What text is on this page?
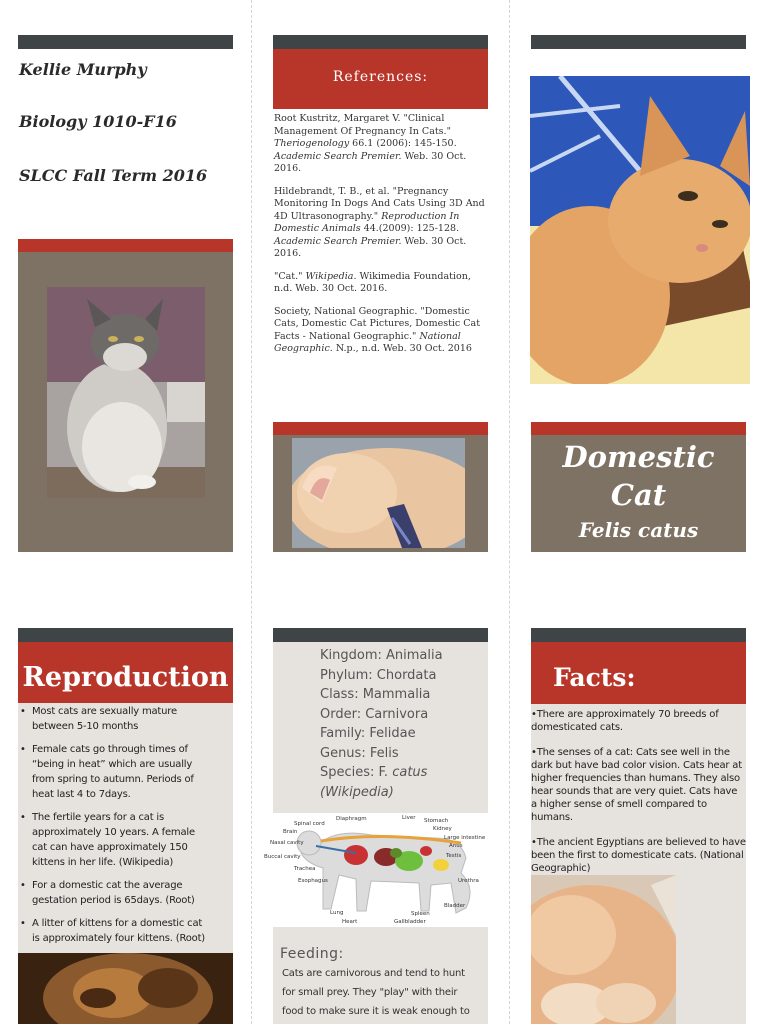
Kellie Murphy
Biology 1010-F16
SLCC Fall Term 2016
References:

Root Kustritz, Margaret V. "Clinical Management Of Pregnancy In Cats." Theriogenology 66.1 (2006): 145-150. Academic Search Premier. Web. 30 Oct. 2016.

Hildebrandt, T. B., et al. "Pregnancy Monitoring In Dogs And Cats Using 3D And 4D Ultrasonography." Reproduction In Domestic Animals 44.(2009): 125-128. Academic Search Premier. Web. 30 Oct. 2016.

"Cat." Wikipedia. Wikimedia Foundation, n.d. Web. 30 Oct. 2016.

Society, National Geographic. "Domestic Cats, Domestic Cat Pictures, Domestic Cat Facts - National Geographic." National Geographic. N.p., n.d. Web. 30 Oct. 2016

Domestic
Cat
Felis catus
Reproduction
• Most cats are sexually mature between 5-10 months
• Female cats go through times of “being in heat” which are usually from spring to autumn. Periods of heat last 4 to 7days.
• The fertile years for a cat is approximately 10 years. A female cat can have approximately 150 kittens in her life. (Wikipedia)
• For a domestic cat the average gestation period is 65days. (Root)
• A litter of kittens for a domestic cat is approximately four kittens. (Root)
Kingdom: Animalia
Phylum: Chordata
Class: Mammalia
Order: Carnivora
Family: Felidae
Genus: Felis
Species: F. catus
(Wikipedia)
Spinal cord
Diaphragm	Liver Stomach
Kidney
Large intestine
Anus
Testis
Brain
Nasal cavity
Buccal cavity
Trachea
Esophagus	Urethra
Bladder
Spleen
Gallbladder
Lung
Heart
Feeding:
Cats are carnivorous and tend to hunt for small prey. They "play" with their food to make sure it is weak enough to
Facts:

•There are approximately 70 breeds of domesticated cats.

•The senses of a cat: Cats see well in the dark but have bad color vision. Cats hear at higher frequencies than humans. They also hear sounds that are very quiet. Cats have a higher sense of smell compared to humans.

•The ancient Egyptians are believed to have been the first to domesticate cats. (National Geographic)
